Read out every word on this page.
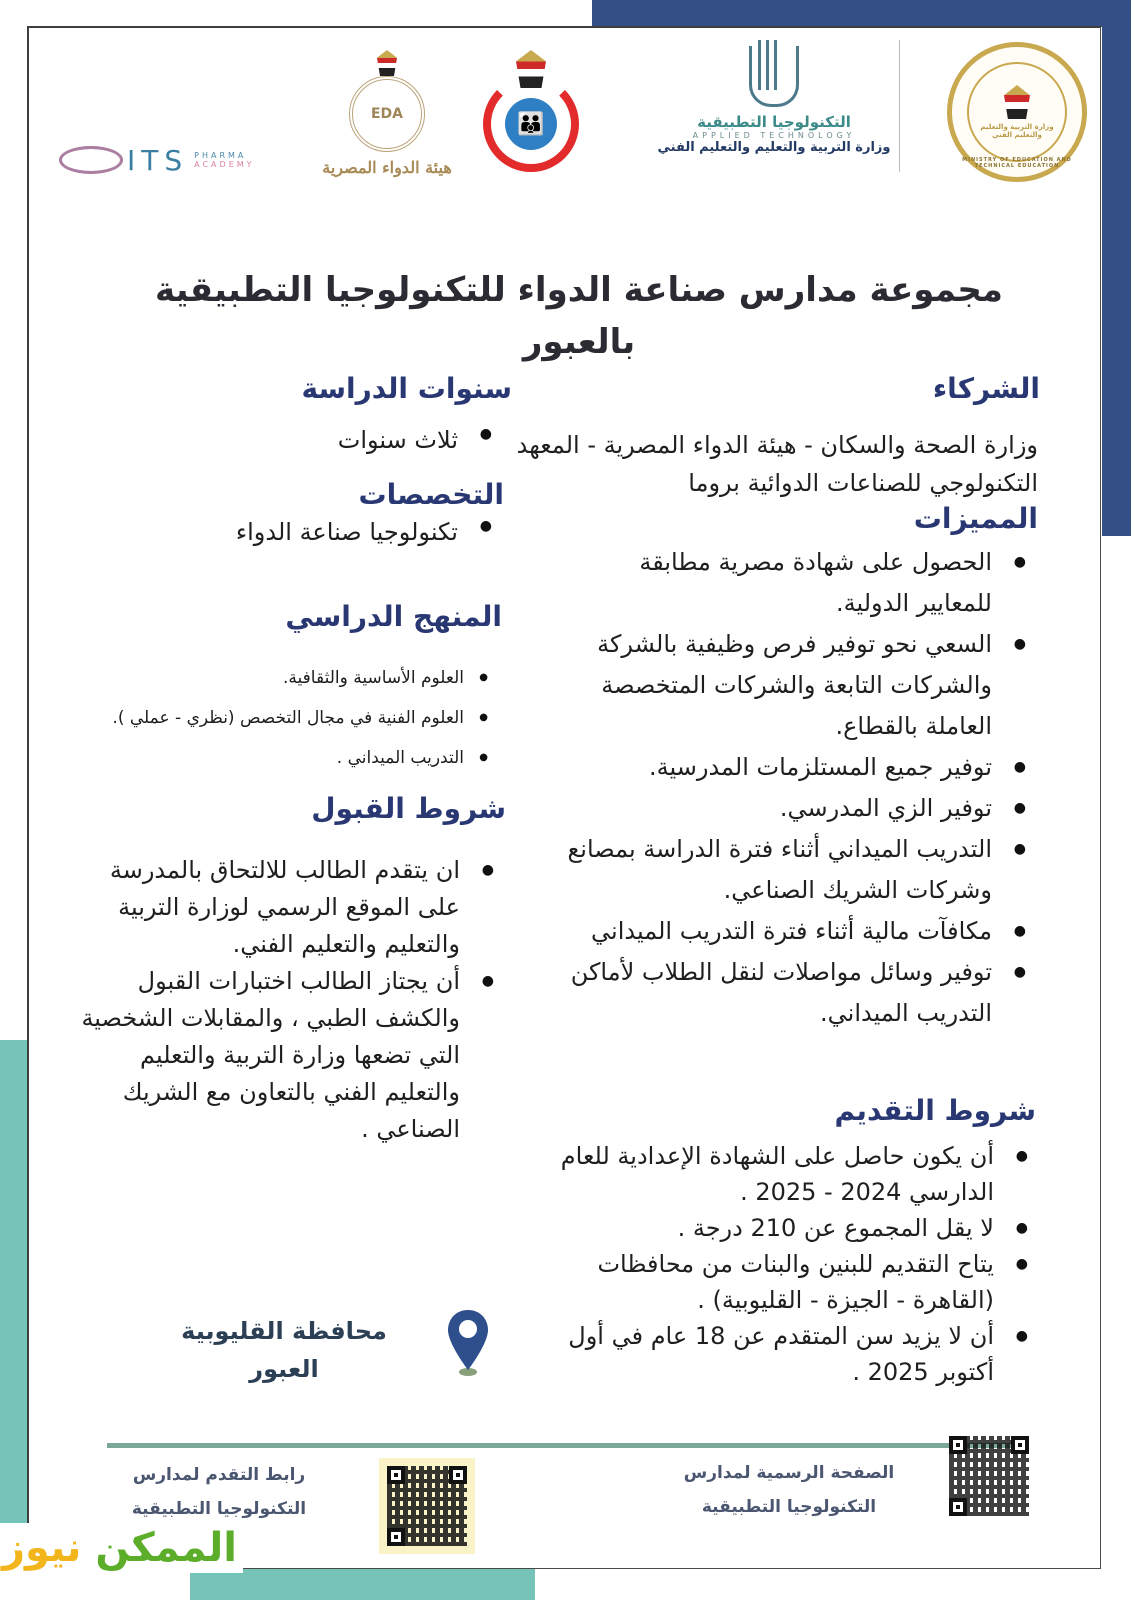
وزارة التربية والتعليم والتعليم الفني
MINISTRY OF EDUCATION AND TECHNICAL EDUCATION
التكنولوجيا التطبيقية
APPLIED TECHNOLOGY
وزارة التربية والتعليم والتعليم الفني
👪
EDA
هيئة الدواء المصرية
ITS PHARMA
ACADEMY
مجموعة مدارس صناعة الدواء للتكنولوجيا التطبيقية
بالعبور
الشركاء
وزارة الصحة والسكان - هيئة الدواء المصرية - المعهد التكنولوجي للصناعات الدوائية بروما
المميزات
● الحصول على شهادة مصرية مطابقة للمعايير الدولية.
● السعي نحو توفير فرص وظيفية بالشركة والشركات التابعة والشركات المتخصصة العاملة بالقطاع.
● توفير جميع المستلزمات المدرسية.
● توفير الزي المدرسي.
● التدريب الميداني أثناء فترة الدراسة بمصانع وشركات الشريك الصناعي.
● مكافآت مالية أثناء فترة التدريب الميداني
● توفير وسائل مواصلات لنقل الطلاب لأماكن التدريب الميداني.
شروط التقديم
● أن يكون حاصل على الشهادة الإعدادية للعام الدارسي 2024 - 2025 .
● لا يقل المجموع عن 210 درجة .
● يتاح التقديم للبنين والبنات من محافظات (القاهرة - الجيزة - القليوبية) .
● أن لا يزيد سن المتقدم عن 18 عام في أول أكتوبر 2025 .
سنوات الدراسة
● ثلاث سنوات
التخصصات
● تكنولوجيا صناعة الدواء
المنهج الدراسي
● العلوم الأساسية والثقافية.
● العلوم الفنية في مجال التخصص (نظري - عملي ).
● التدريب الميداني .
شروط القبول
● ان يتقدم الطالب للالتحاق بالمدرسة على الموقع الرسمي لوزارة التربية والتعليم والتعليم الفني.
● أن يجتاز الطالب اختبارات القبول والكشف الطبي ، والمقابلات الشخصية التي تضعها وزارة التربية والتعليم والتعليم الفني بالتعاون مع الشريك الصناعي .
محافظة القليوبية
العبور
رابط التقدم لمدارس
التكنولوجيا التطبيقية
الصفحة الرسمية لمدارس
التكنولوجيا التطبيقية
الممكن نيوز
